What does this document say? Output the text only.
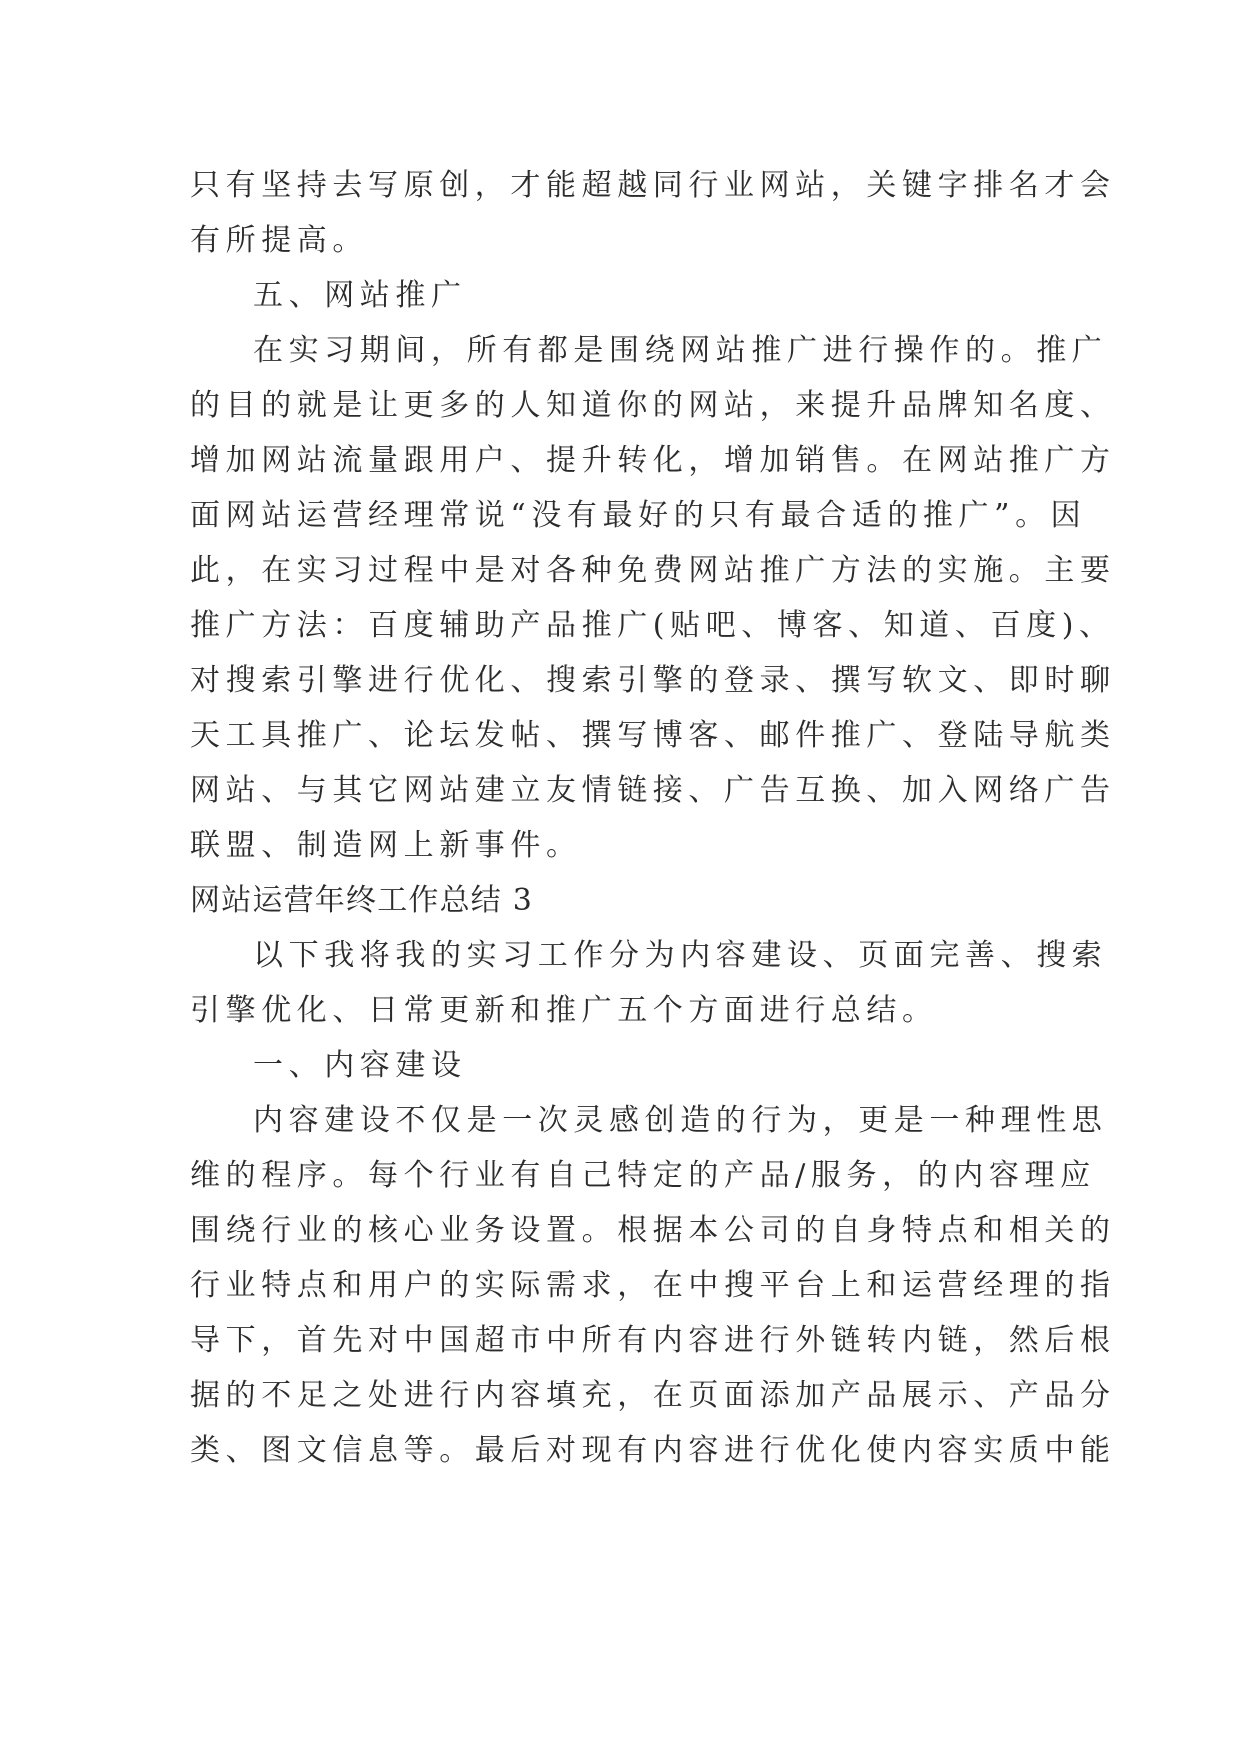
只有坚持去写原创，才能超越同行业网站，关键字排名才会
有所提高。
五、网站推广
在实习期间，所有都是围绕网站推广进行操作的。推广
的目的就是让更多的人知道你的网站，来提升品牌知名度、
增加网站流量跟用户、提升转化，增加销售。在网站推广方
面网站运营经理常说“没有最好的只有最合适的推广”。因
此，在实习过程中是对各种免费网站推广方法的实施。主要
推广方法：百度辅助产品推广(贴吧、博客、知道、百度)、
对搜索引擎进行优化、搜索引擎的登录、撰写软文、即时聊
天工具推广、论坛发帖、撰写博客、邮件推广、登陆导航类
网站、与其它网站建立友情链接、广告互换、加入网络广告
联盟、制造网上新事件。
网站运营年终工作总结 3
以下我将我的实习工作分为内容建设、页面完善、搜索
引擎优化、日常更新和推广五个方面进行总结。
一、内容建设
内容建设不仅是一次灵感创造的行为，更是一种理性思
维的程序。每个行业有自己特定的产品/服务，的内容理应
围绕行业的核心业务设置。根据本公司的自身特点和相关的
行业特点和用户的实际需求，在中搜平台上和运营经理的指
导下，首先对中国超市中所有内容进行外链转内链，然后根
据的不足之处进行内容填充，在页面添加产品展示、产品分
类、图文信息等。最后对现有内容进行优化使内容实质中能
